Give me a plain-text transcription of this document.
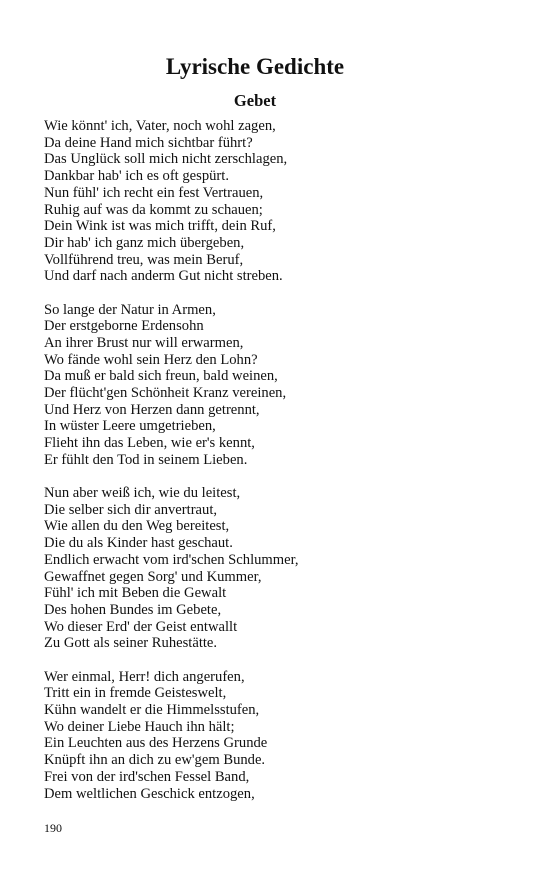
Lyrische Gedichte
Gebet
Wie könnt' ich, Vater, noch wohl zagen,
Da deine Hand mich sichtbar führt?
Das Unglück soll mich nicht zerschlagen,
Dankbar hab' ich es oft gespürt.
Nun fühl' ich recht ein fest Vertrauen,
Ruhig auf was da kommt zu schauen;
Dein Wink ist was mich trifft, dein Ruf,
Dir hab' ich ganz mich übergeben,
Vollführend treu, was mein Beruf,
Und darf nach anderm Gut nicht streben.
So lange der Natur in Armen,
Der erstgeborne Erdensohn
An ihrer Brust nur will erwarmen,
Wo fände wohl sein Herz den Lohn?
Da muß er bald sich freun, bald weinen,
Der flücht'gen Schönheit Kranz vereinen,
Und Herz von Herzen dann getrennt,
In wüster Leere umgetrieben,
Flieht ihn das Leben, wie er's kennt,
Er fühlt den Tod in seinem Lieben.
Nun aber weiß ich, wie du leitest,
Die selber sich dir anvertraut,
Wie allen du den Weg bereitest,
Die du als Kinder hast geschaut.
Endlich erwacht vom ird'schen Schlummer,
Gewaffnet gegen Sorg' und Kummer,
Fühl' ich mit Beben die Gewalt
Des hohen Bundes im Gebete,
Wo dieser Erd' der Geist entwallt
Zu Gott als seiner Ruhestätte.
Wer einmal, Herr! dich angerufen,
Tritt ein in fremde Geisteswelt,
Kühn wandelt er die Himmelsstufen,
Wo deiner Liebe Hauch ihn hält;
Ein Leuchten aus des Herzens Grunde
Knüpft ihn an dich zu ew'gem Bunde.
Frei von der ird'schen Fessel Band,
Dem weltlichen Geschick entzogen,
190
